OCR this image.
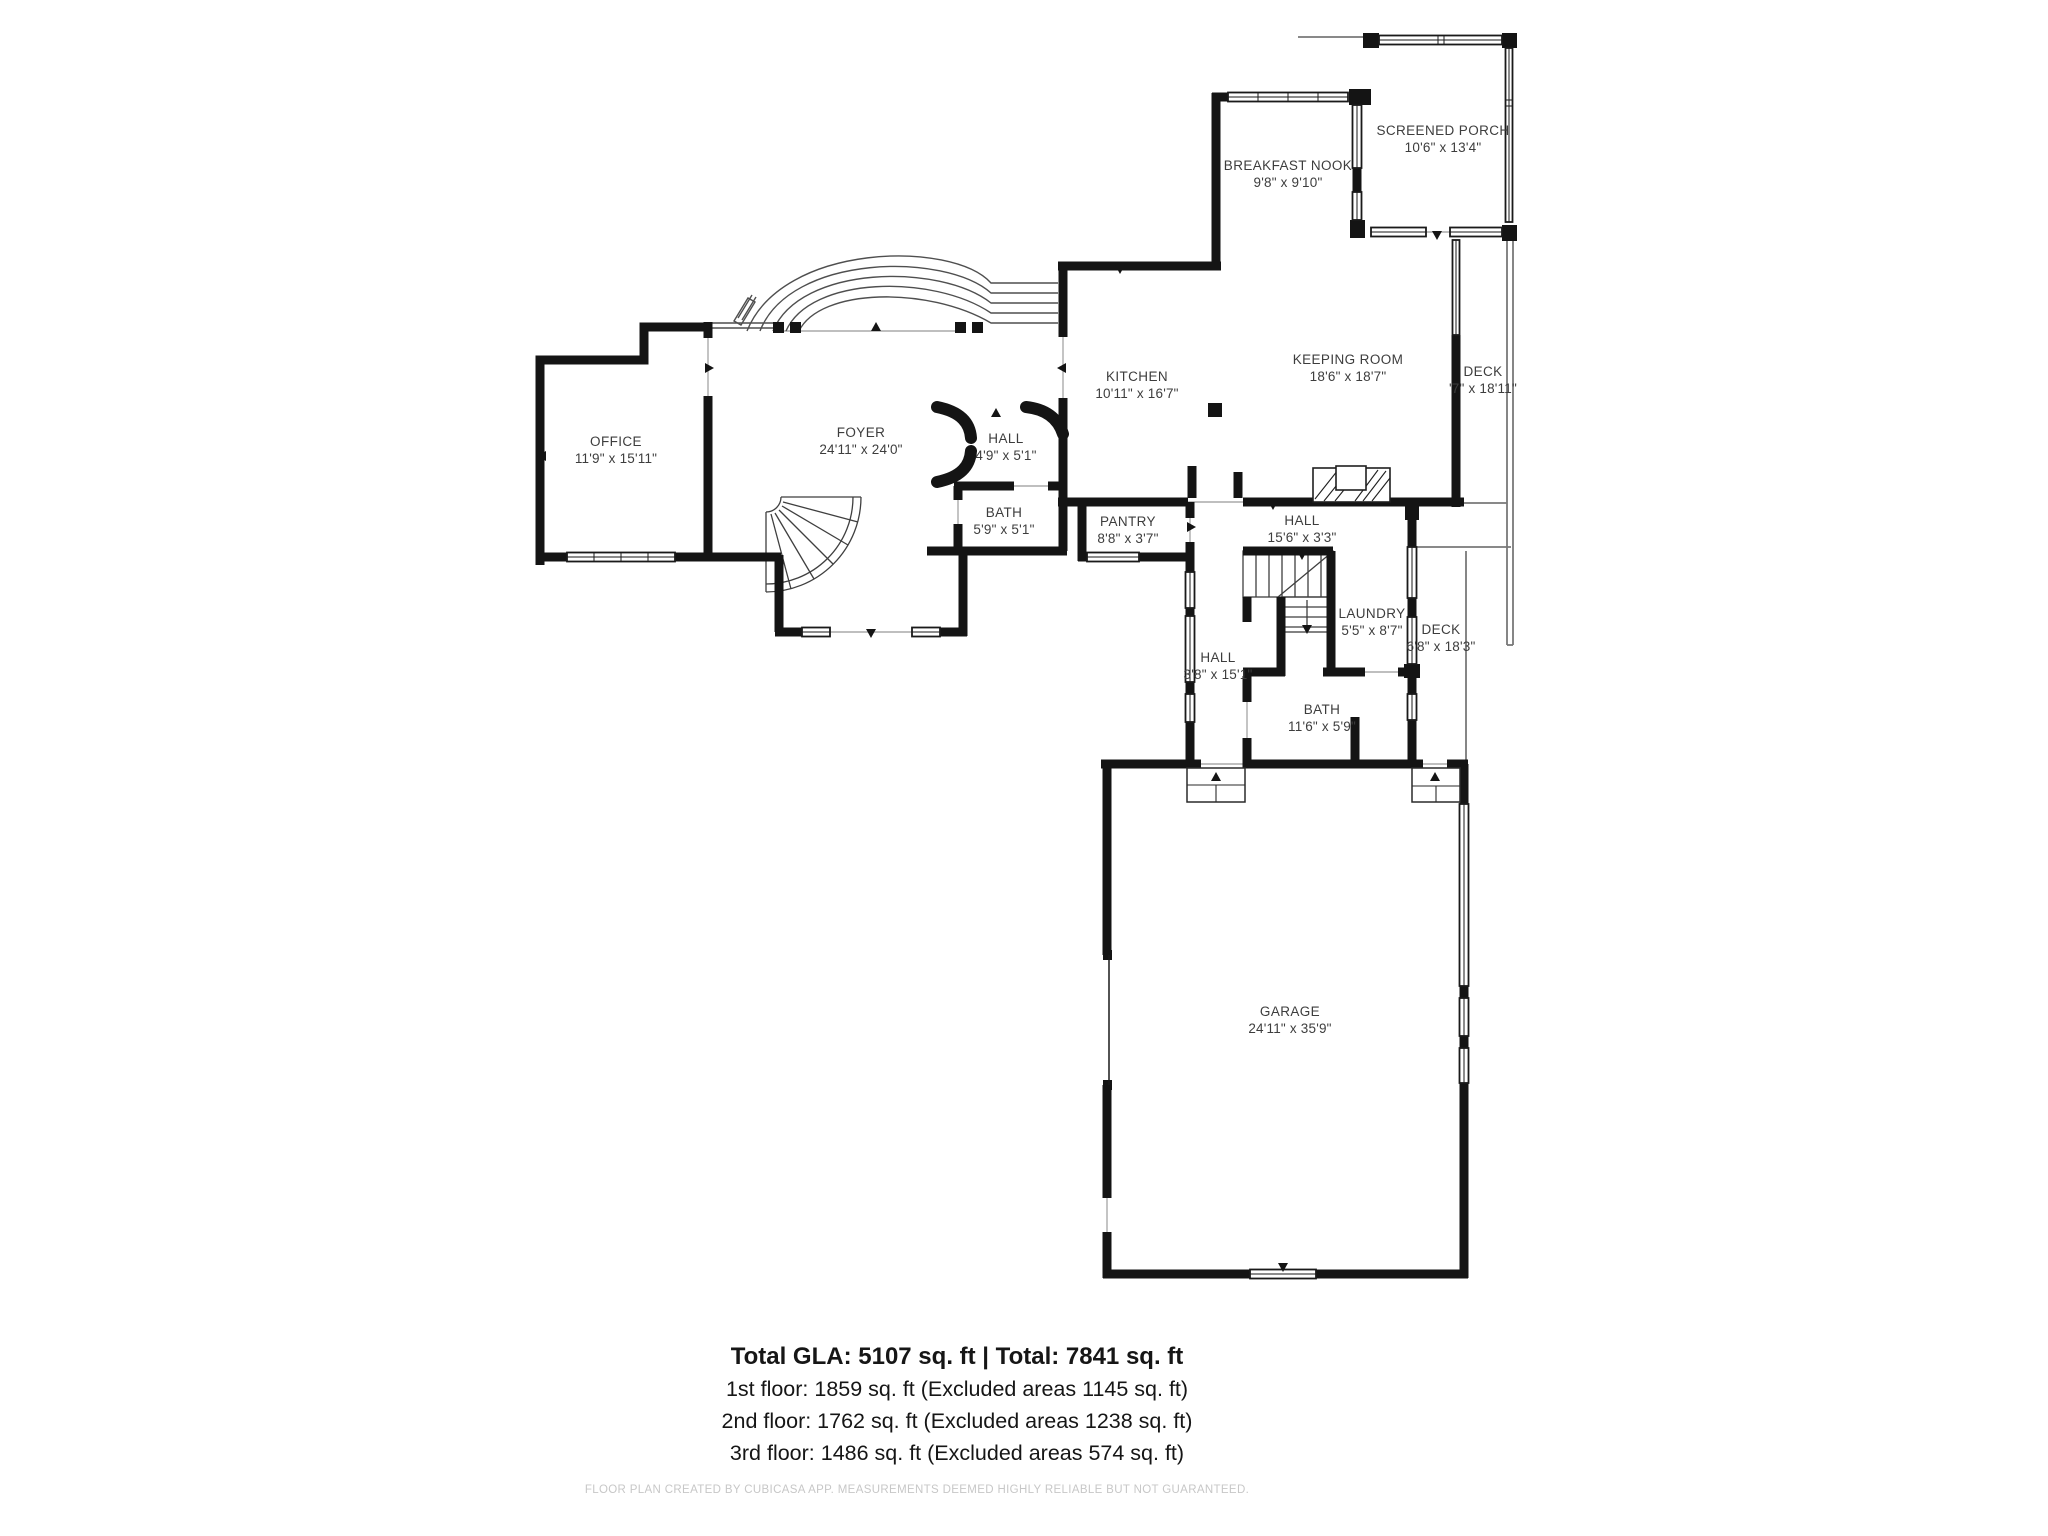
SCREENED PORCH
10'6" x 13'4"
BREAKFAST NOOK
9'8" x 9'10"
KEEPING ROOM
18'6" x 18'7"
KITCHEN
10'11" x 16'7"
DECK
'7" x 18'11"
OFFICE
11'9" x 15'11"
FOYER
24'11" x 24'0"
HALL
4'9" x 5'1"
BATH
5'9" x 5'1"
PANTRY
8'8" x 3'7"
HALL
15'6" x 3'3"
LAUNDRY
5'5" x 8'7"	DECK
6'8" x 18'3"
HALL
3'8" x 15'1"
BATH
11'6" x 5'9"
GARAGE
24'11" x 35'9"
Total GLA: 5107 sq. ft | Total: 7841 sq. ft
1st floor: 1859 sq. ft (Excluded areas 1145 sq. ft)
2nd floor: 1762 sq. ft (Excluded areas 1238 sq. ft)
3rd floor: 1486 sq. ft (Excluded areas 574 sq. ft)
FLOOR PLAN CREATED BY CUBICASA APP. MEASUREMENTS DEEMED HIGHLY RELIABLE BUT NOT GUARANTEED.
